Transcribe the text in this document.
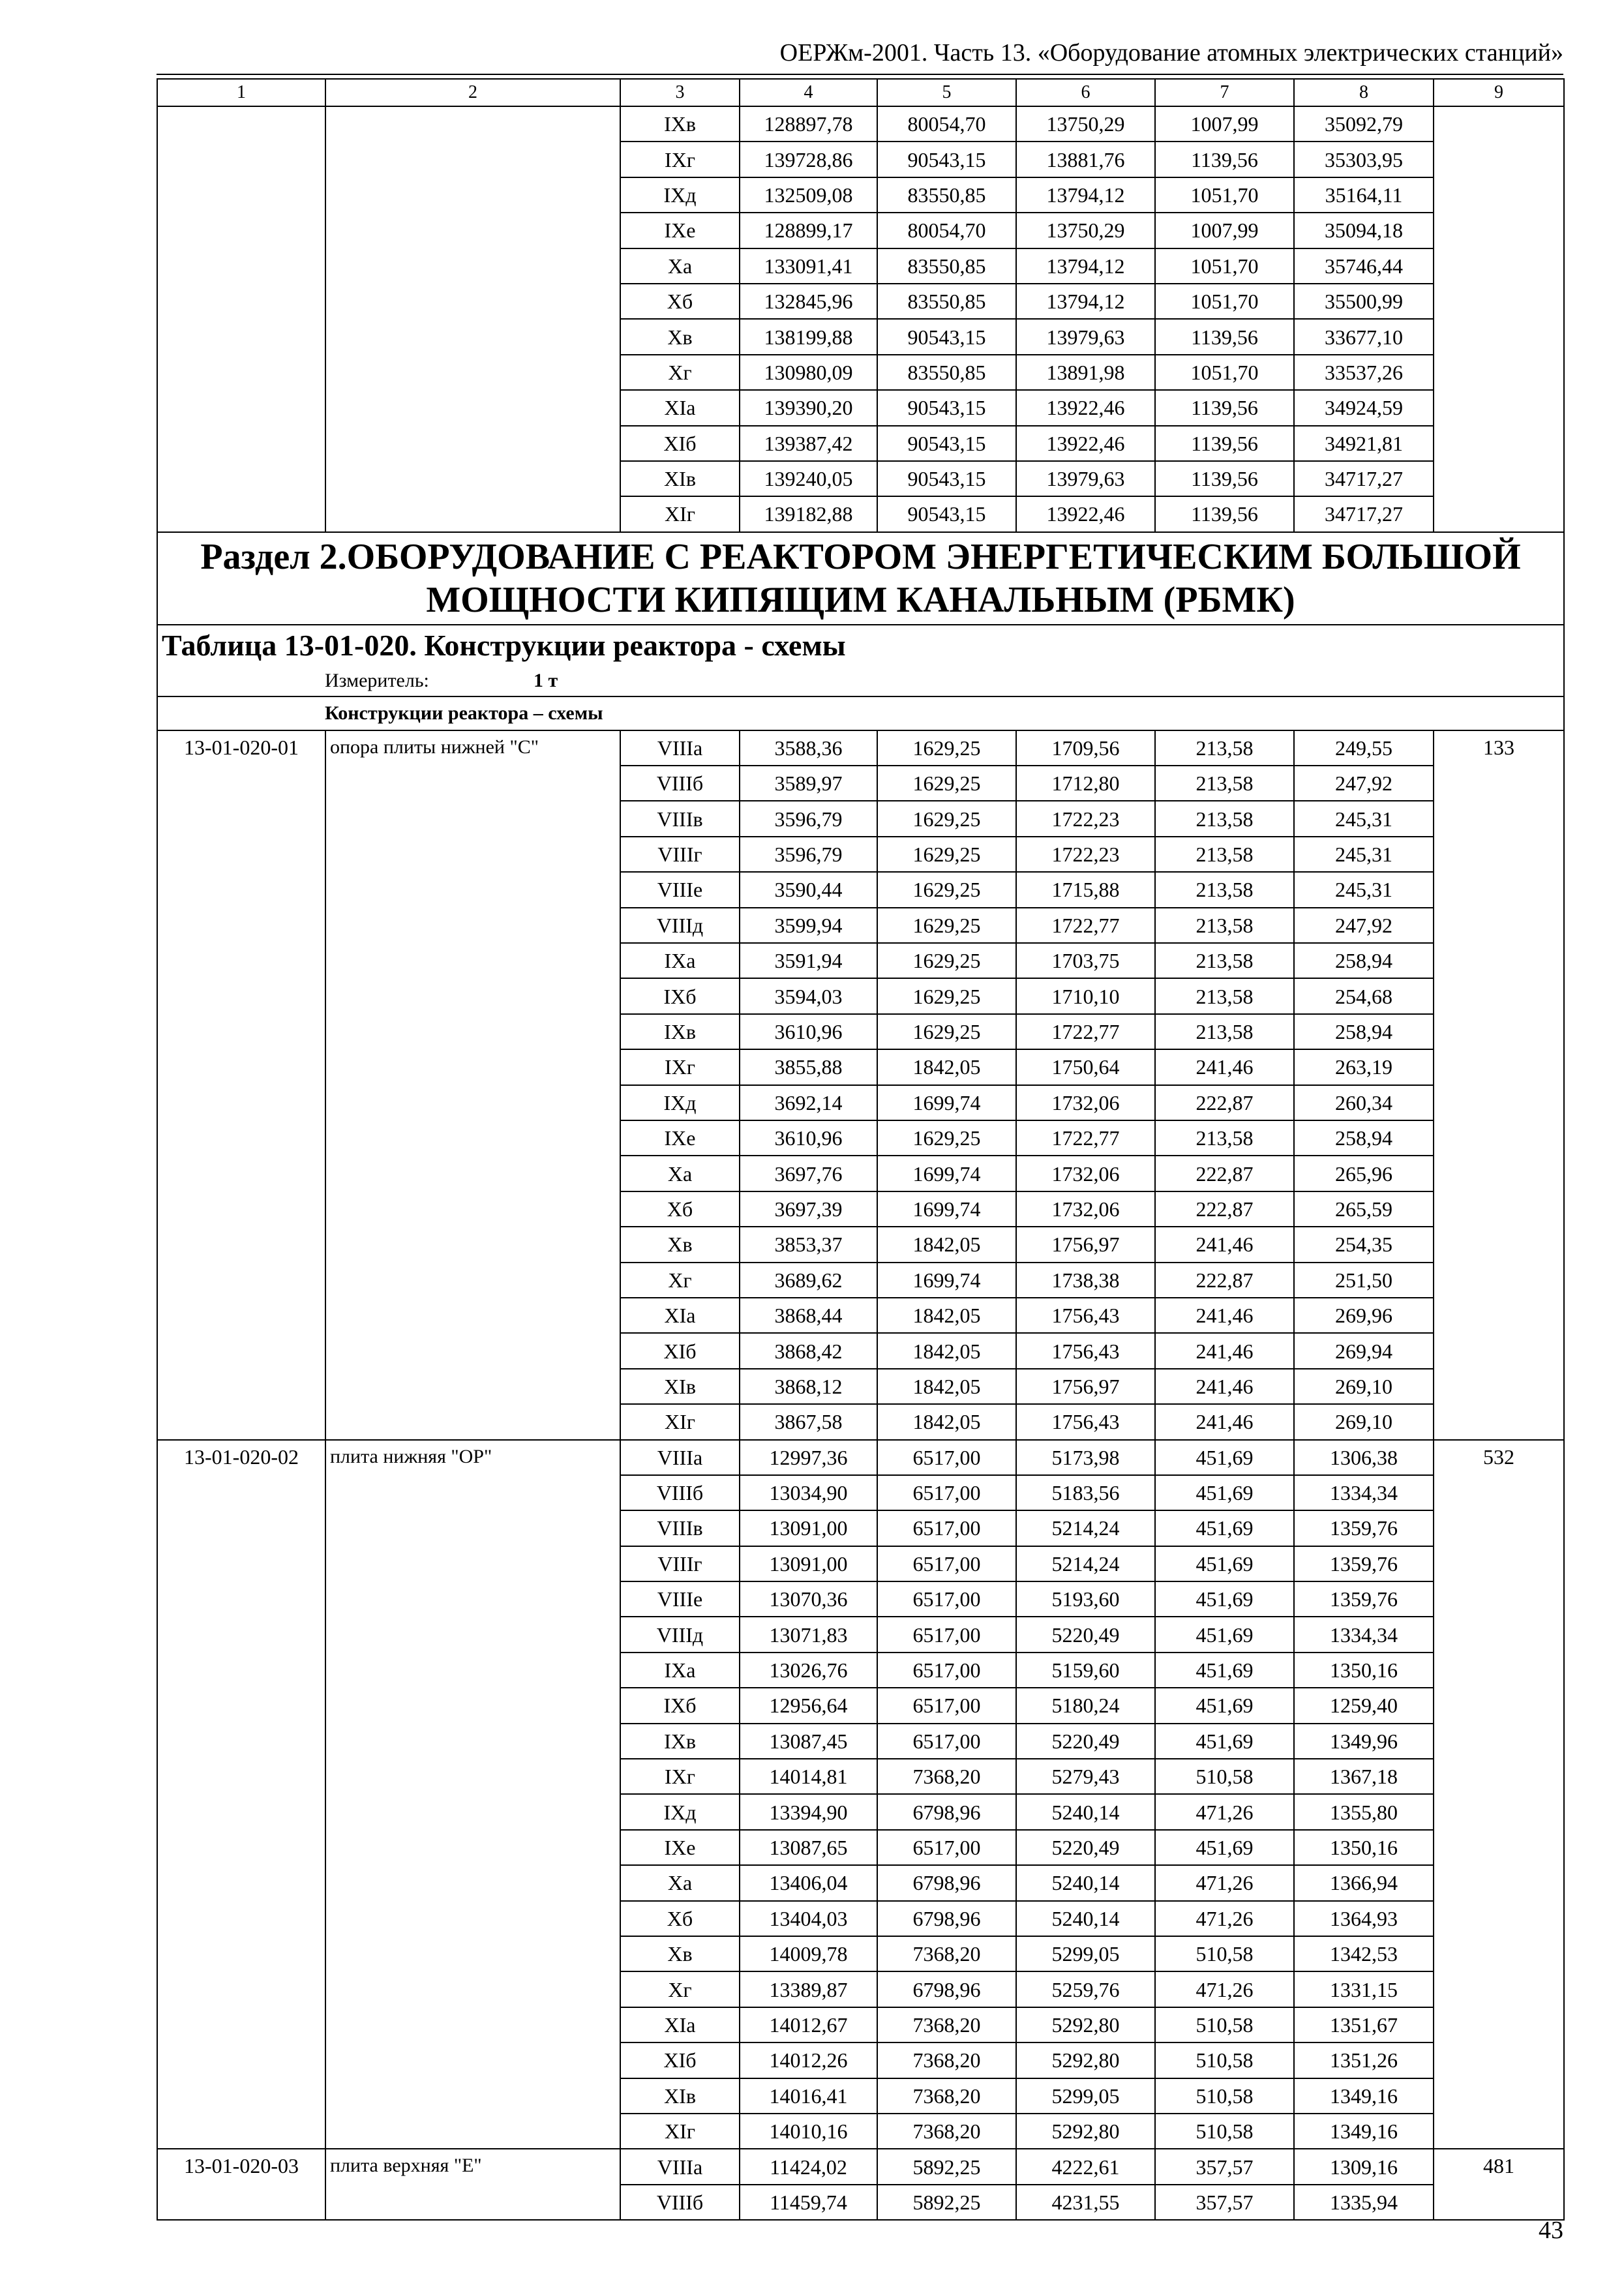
ОЕРЖм-2001. Часть 13. «Оборудование атомных электрических станций»
1	2	3	4	5	6	7	8	9
		IXв	128897,78	80054,70	13750,29	1007,99	35092,79	
		IXг	139728,86	90543,15	13881,76	1139,56	35303,95	
		IXд	132509,08	83550,85	13794,12	1051,70	35164,11	
		IXе	128899,17	80054,70	13750,29	1007,99	35094,18	
		Xа	133091,41	83550,85	13794,12	1051,70	35746,44	
		Xб	132845,96	83550,85	13794,12	1051,70	35500,99	
		Xв	138199,88	90543,15	13979,63	1139,56	33677,10	
		Xг	130980,09	83550,85	13891,98	1051,70	33537,26	
		XIа	139390,20	90543,15	13922,46	1139,56	34924,59	
		XIб	139387,42	90543,15	13922,46	1139,56	34921,81	
		XIв	139240,05	90543,15	13979,63	1139,56	34717,27	
		XIг	139182,88	90543,15	13922,46	1139,56	34717,27	
Раздел 2.ОБОРУДОВАНИЕ С РЕАКТОРОМ ЭНЕРГЕТИЧЕСКИМ БОЛЬШОЙ МОЩНОСТИ КИПЯЩИМ КАНАЛЬНЫМ (РБМК)								
Таблица 13-01-020. Конструкции реактора - схемы								
Измеритель: 1 т								
Конструкции реактора – схемы								
13-01-020-01	опора плиты нижней "С"	VIIIа	3588,36	1629,25	1709,56	213,58	249,55	133
		VIIIб	3589,97	1629,25	1712,80	213,58	247,92	
		VIIIв	3596,79	1629,25	1722,23	213,58	245,31	
		VIIIг	3596,79	1629,25	1722,23	213,58	245,31	
		VIIIе	3590,44	1629,25	1715,88	213,58	245,31	
		VIIIд	3599,94	1629,25	1722,77	213,58	247,92	
		IXа	3591,94	1629,25	1703,75	213,58	258,94	
		IXб	3594,03	1629,25	1710,10	213,58	254,68	
		IXв	3610,96	1629,25	1722,77	213,58	258,94	
		IXг	3855,88	1842,05	1750,64	241,46	263,19	
		IXд	3692,14	1699,74	1732,06	222,87	260,34	
		IXе	3610,96	1629,25	1722,77	213,58	258,94	
		Xа	3697,76	1699,74	1732,06	222,87	265,96	
		Xб	3697,39	1699,74	1732,06	222,87	265,59	
		Xв	3853,37	1842,05	1756,97	241,46	254,35	
		Xг	3689,62	1699,74	1738,38	222,87	251,50	
		XIа	3868,44	1842,05	1756,43	241,46	269,96	
		XIб	3868,42	1842,05	1756,43	241,46	269,94	
		XIв	3868,12	1842,05	1756,97	241,46	269,10	
		XIг	3867,58	1842,05	1756,43	241,46	269,10	
13-01-020-02	плита нижняя "ОР"	VIIIа	12997,36	6517,00	5173,98	451,69	1306,38	532
		VIIIб	13034,90	6517,00	5183,56	451,69	1334,34	
		VIIIв	13091,00	6517,00	5214,24	451,69	1359,76	
		VIIIг	13091,00	6517,00	5214,24	451,69	1359,76	
		VIIIе	13070,36	6517,00	5193,60	451,69	1359,76	
		VIIIд	13071,83	6517,00	5220,49	451,69	1334,34	
		IXа	13026,76	6517,00	5159,60	451,69	1350,16	
		IXб	12956,64	6517,00	5180,24	451,69	1259,40	
		IXв	13087,45	6517,00	5220,49	451,69	1349,96	
		IXг	14014,81	7368,20	5279,43	510,58	1367,18	
		IXд	13394,90	6798,96	5240,14	471,26	1355,80	
		IXе	13087,65	6517,00	5220,49	451,69	1350,16	
		Xа	13406,04	6798,96	5240,14	471,26	1366,94	
		Xб	13404,03	6798,96	5240,14	471,26	1364,93	
		Xв	14009,78	7368,20	5299,05	510,58	1342,53	
		Xг	13389,87	6798,96	5259,76	471,26	1331,15	
		XIа	14012,67	7368,20	5292,80	510,58	1351,67	
		XIб	14012,26	7368,20	5292,80	510,58	1351,26	
		XIв	14016,41	7368,20	5299,05	510,58	1349,16	
		XIг	14010,16	7368,20	5292,80	510,58	1349,16	
13-01-020-03	плита верхняя "Е"	VIIIа	11424,02	5892,25	4222,61	357,57	1309,16	481
		VIIIб	11459,74	5892,25	4231,55	357,57	1335,94	
43
